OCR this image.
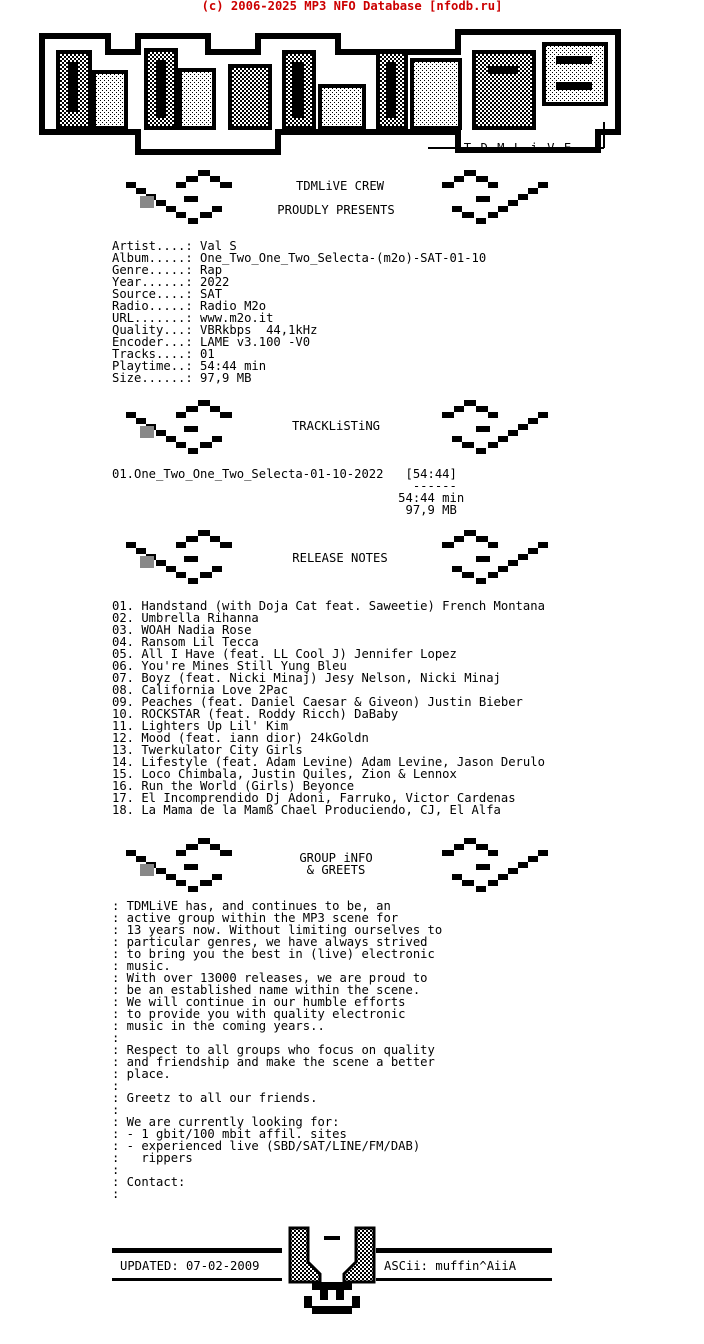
(c) 2006-2025 MP3 NFO Database [nfodb.ru]
T D M L i V E
TDMLiVE CREW
PROUDLY PRESENTS
Artist....: Val S
Album.....: One_Two_One_Two_Selecta-(m2o)-SAT-01-10
Genre.....: Rap
Year......: 2022
Source....: SAT
Radio.....: Radio M2o
URL.......: www.m2o.it
Quality...: VBRkbps  44,1kHz
Encoder...: LAME v3.100 -V0
Tracks....: 01
Playtime..: 54:44 min
Size......: 97,9 MB
TRACKLiSTiNG
01.One_Two_One_Two_Selecta-01-10-2022   [54:44]
------
54:44 min
97,9 MB
RELEASE NOTES
01. Handstand (with Doja Cat feat. Saweetie) French Montana
02. Umbrella Rihanna
03. WOAH Nadia Rose
04. Ransom Lil Tecca
05. All I Have (feat. LL Cool J) Jennifer Lopez
06. You're Mines Still Yung Bleu
07. Boyz (feat. Nicki Minaj) Jesy Nelson, Nicki Minaj
08. California Love 2Pac
09. Peaches (feat. Daniel Caesar & Giveon) Justin Bieber
10. ROCKSTAR (feat. Roddy Ricch) DaBaby
11. Lighters Up Lil' Kim
12. Mood (feat. iann dior) 24kGoldn
13. Twerkulator City Girls
14. Lifestyle (feat. Adam Levine) Adam Levine, Jason Derulo
15. Loco Chimbala, Justin Quiles, Zion & Lennox
16. Run the World (Girls) Beyonce
17. El Incomprendido Dj Adoni, Farruko, Victor Cardenas
18. La Mama de la Mamß Chael Produciendo, CJ, El Alfa
GROUP iNFO
& GREETS
: TDMLiVE has, and continues to be, an
: active group within the MP3 scene for
: 13 years now. Without limiting ourselves to
: particular genres, we have always strived
: to bring you the best in (live) electronic
: music.
: With over 13000 releases, we are proud to
: be an established name within the scene.
: We will continue in our humble efforts
: to provide you with quality electronic
: music in the coming years..
:
: Respect to all groups who focus on quality
: and friendship and make the scene a better
: place.
:
: Greetz to all our friends.
:
: We are currently looking for:
: - 1 gbit/100 mbit affil. sites
: - experienced live (SBD/SAT/LINE/FM/DAB)
:   rippers
:
: Contact:
:
UPDATED: 07-02-2009	ASCii: muffin^AiiA
